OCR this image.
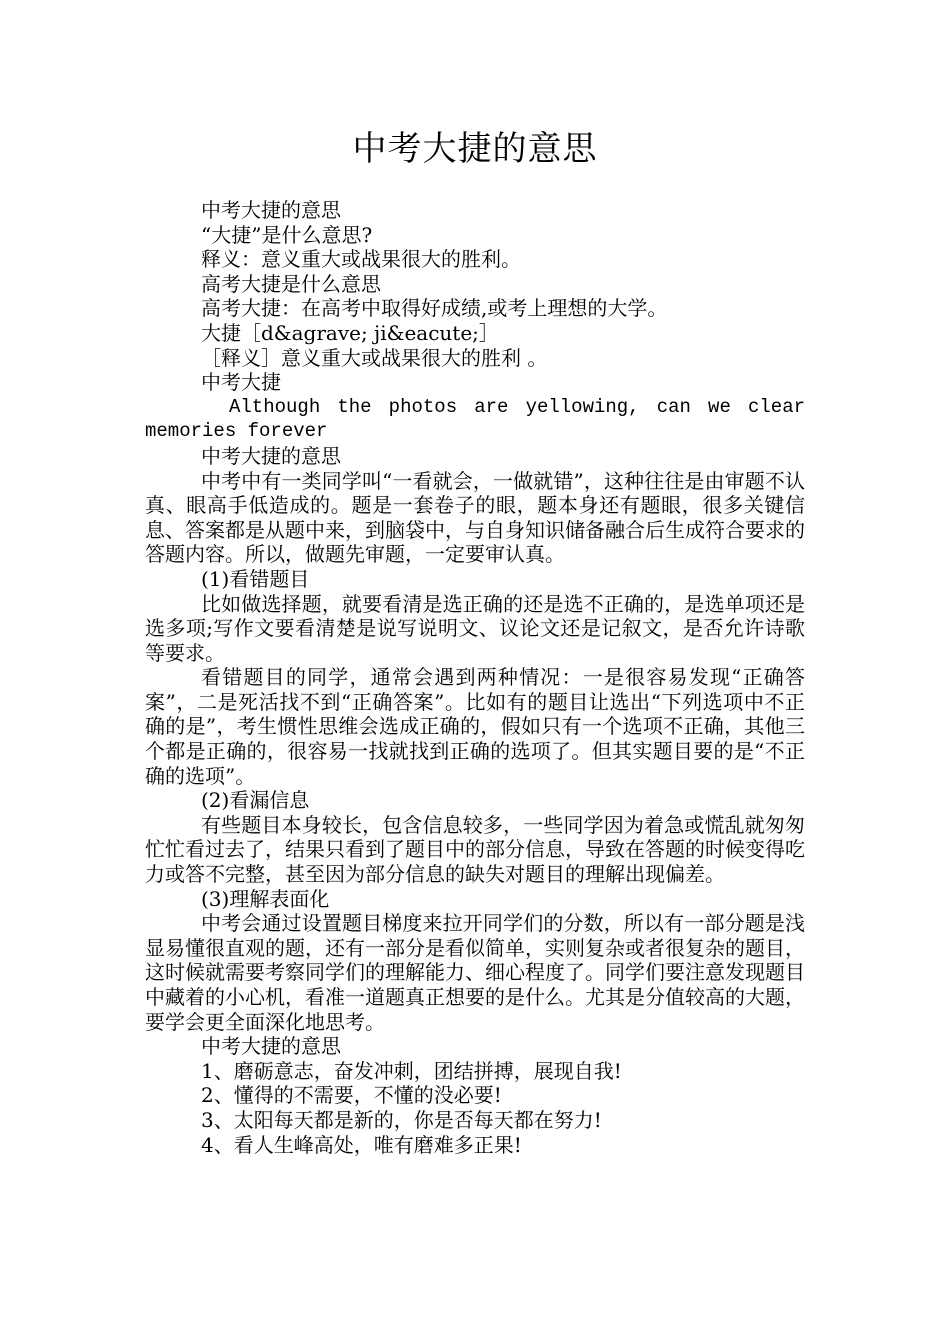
中考大捷的意思

中考大捷的意思

“大捷”是什么意思?

释义：意义重大或战果很大的胜利。

高考大捷是什么意思

高考大捷：在高考中取得好成绩,或考上理想的大学。

大捷［d&agrave; ji&eacute;］

［释义］意义重大或战果很大的胜利 。

中考大捷

Although the photos are yellowing, can we clear memories forever

中考大捷的意思

中考中有一类同学叫“一看就会，一做就错”，这种往往是由审题不认真、眼高手低造成的。题是一套卷子的眼，题本身还有题眼，很多关键信息、答案都是从题中来，到脑袋中，与自身知识储备融合后生成符合要求的答题内容。所以，做题先审题，一定要审认真。

(1)看错题目

比如做选择题，就要看清是选正确的还是选不正确的，是选单项还是选多项;写作文要看清楚是说写说明文、议论文还是记叙文，是否允许诗歌等要求。

看错题目的同学，通常会遇到两种情况：一是很容易发现“正确答案”，二是死活找不到“正确答案”。比如有的题目让选出“下列选项中不正确的是”，考生惯性思维会选成正确的，假如只有一个选项不正确，其他三个都是正确的，很容易一找就找到正确的选项了。但其实题目要的是“不正确的选项”。

(2)看漏信息

有些题目本身较长，包含信息较多，一些同学因为着急或慌乱就匆匆忙忙看过去了，结果只看到了题目中的部分信息，导致在答题的时候变得吃力或答不完整，甚至因为部分信息的缺失对题目的理解出现偏差。

(3)理解表面化

中考会通过设置题目梯度来拉开同学们的分数，所以有一部分题是浅显易懂很直观的题，还有一部分是看似简单，实则复杂或者很复杂的题目，这时候就需要考察同学们的理解能力、细心程度了。同学们要注意发现题目中藏着的小心机，看准一道题真正想要的是什么。尤其是分值较高的大题，要学会更全面深化地思考。

中考大捷的意思

1、磨砺意志，奋发冲刺，团结拼搏，展现自我!

2、懂得的不需要，不懂的没必要!

3、太阳每天都是新的，你是否每天都在努力!

4、看人生峰高处，唯有磨难多正果!
